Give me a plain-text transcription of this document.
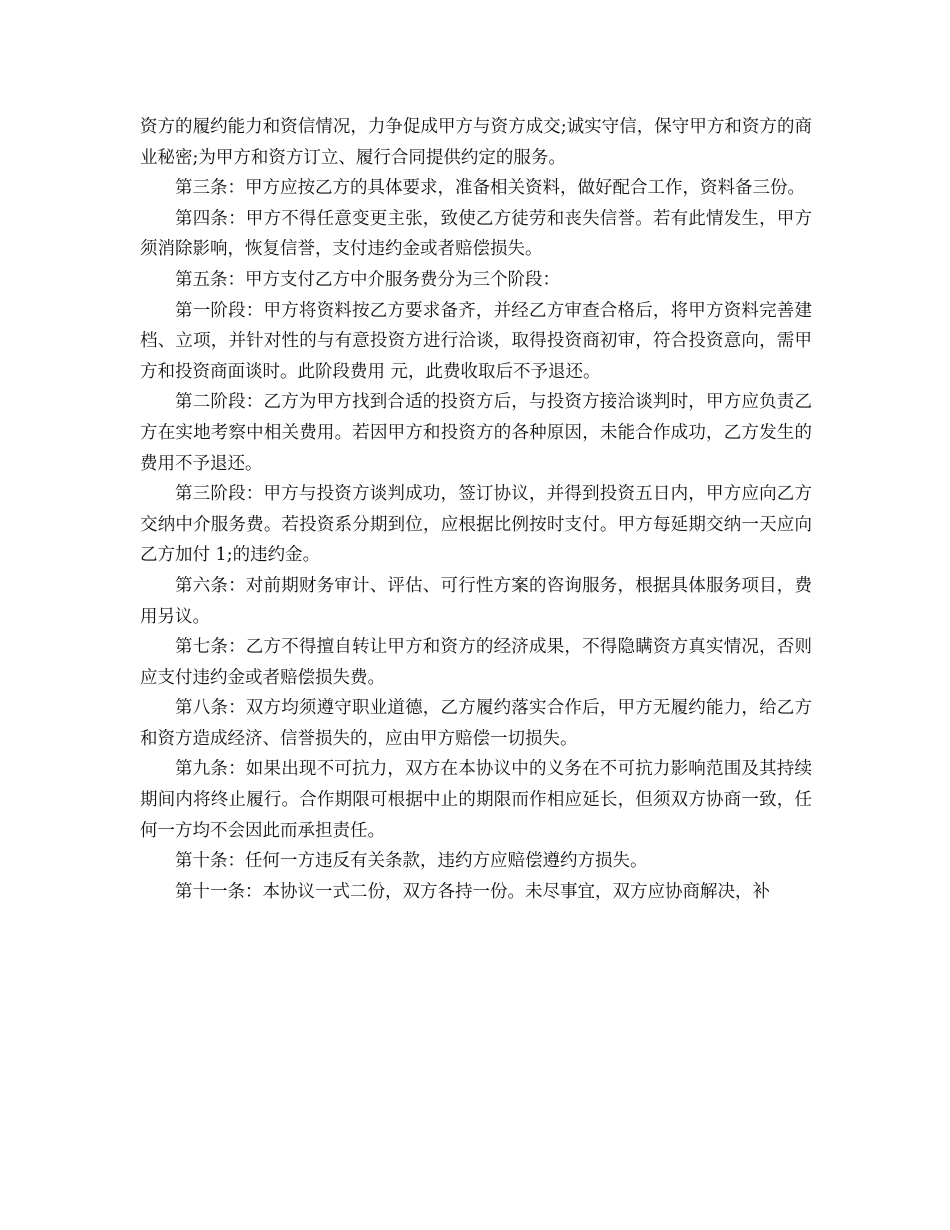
资方的履约能力和资信情况，力争促成甲方与资方成交;诚实守信，保守甲方和资方的商业秘密;为甲方和资方订立、履行合同提供约定的服务。

第三条：甲方应按乙方的具体要求，准备相关资料，做好配合工作，资料备三份。

第四条：甲方不得任意变更主张，致使乙方徒劳和丧失信誉。若有此情发生，甲方须消除影响，恢复信誉，支付违约金或者赔偿损失。

第五条：甲方支付乙方中介服务费分为三个阶段：

第一阶段：甲方将资料按乙方要求备齐，并经乙方审查合格后，将甲方资料完善建档、立项，并针对性的与有意投资方进行洽谈，取得投资商初审，符合投资意向，需甲方和投资商面谈时。此阶段费用 元，此费收取后不予退还。

第二阶段：乙方为甲方找到合适的投资方后，与投资方接洽谈判时，甲方应负责乙方在实地考察中相关费用。若因甲方和投资方的各种原因，未能合作成功，乙方发生的费用不予退还。

第三阶段：甲方与投资方谈判成功，签订协议，并得到投资五日内，甲方应向乙方交纳中介服务费。若投资系分期到位，应根据比例按时支付。甲方每延期交纳一天应向乙方加付 1;的违约金。

第六条：对前期财务审计、评估、可行性方案的咨询服务，根据具体服务项目，费用另议。

第七条：乙方不得擅自转让甲方和资方的经济成果，不得隐瞒资方真实情况，否则应支付违约金或者赔偿损失费。

第八条：双方均须遵守职业道德，乙方履约落实合作后，甲方无履约能力，给乙方和资方造成经济、信誉损失的，应由甲方赔偿一切损失。

第九条：如果出现不可抗力，双方在本协议中的义务在不可抗力影响范围及其持续期间内将终止履行。合作期限可根据中止的期限而作相应延长，但须双方协商一致，任何一方均不会因此而承担责任。

第十条：任何一方违反有关条款，违约方应赔偿遵约方损失。

第十一条：本协议一式二份，双方各持一份。未尽事宜，双方应协商解决，补
